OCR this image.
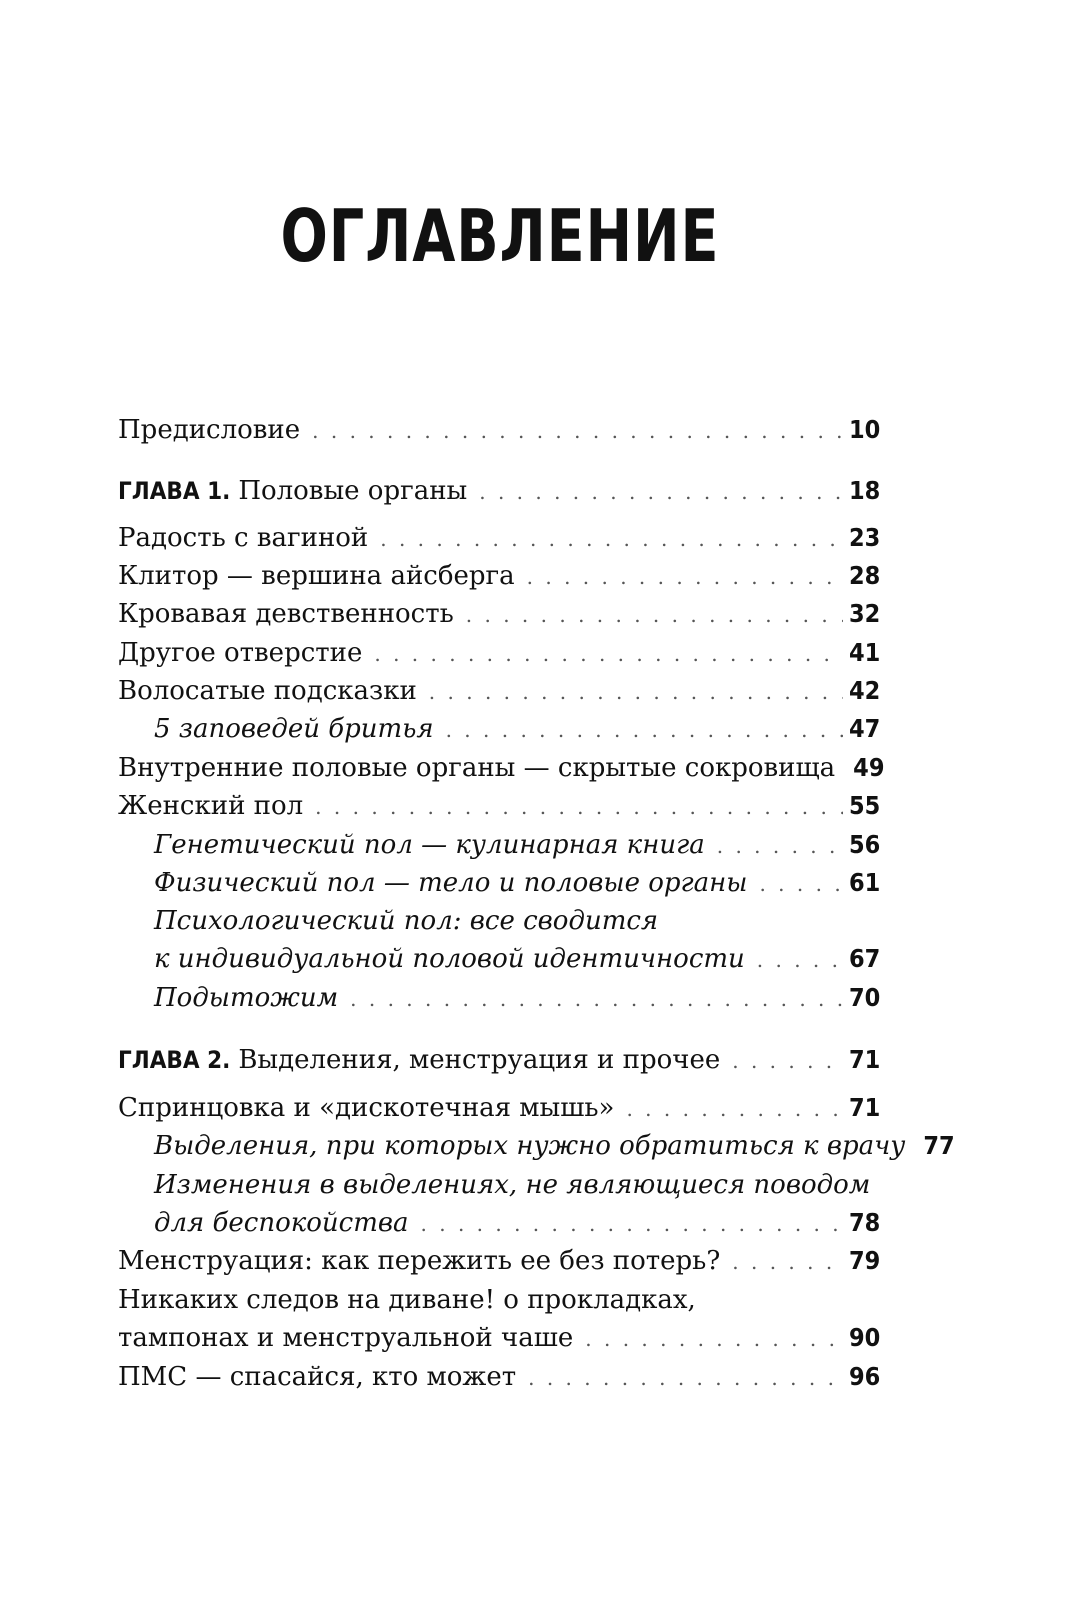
ОГЛАВЛЕНИЕ
Предисловие . . .	10
ГЛАВА 1. Половые органы . . .	18
Радость с вагиной . . .	23
Клитор — вершина айсберга . . .	28
Кровавая девственность . . .	32
Другое отверстие . . .	41
Волосатые подсказки . . .	42
5 заповедей бритья . . .	47
Внутренние половые органы — скрытые сокровища 49
Женский пол . . .	55
Генетический пол — кулинарная книга . . .	56
Физический пол — тело и половые органы . . .	61
Психологический пол: все сводится
к индивидуальной половой идентичности . . .	67
Подытожим . . .	70
ГЛАВА 2. Выделения, менструация и прочее . . .	71
Спринцовка и «дискотечная мышь» . . .	71
Выделения, при которых нужно обратиться к врачу 77
Изменения в выделениях, не являющиеся поводом
для беспокойства . . .	78
Менструация: как пережить ее без потерь? . . .	79
Никаких следов на диване! о прокладках,
тампонах и менструальной чаше . . .	90
ПМС — спасайся, кто может . . .	96
